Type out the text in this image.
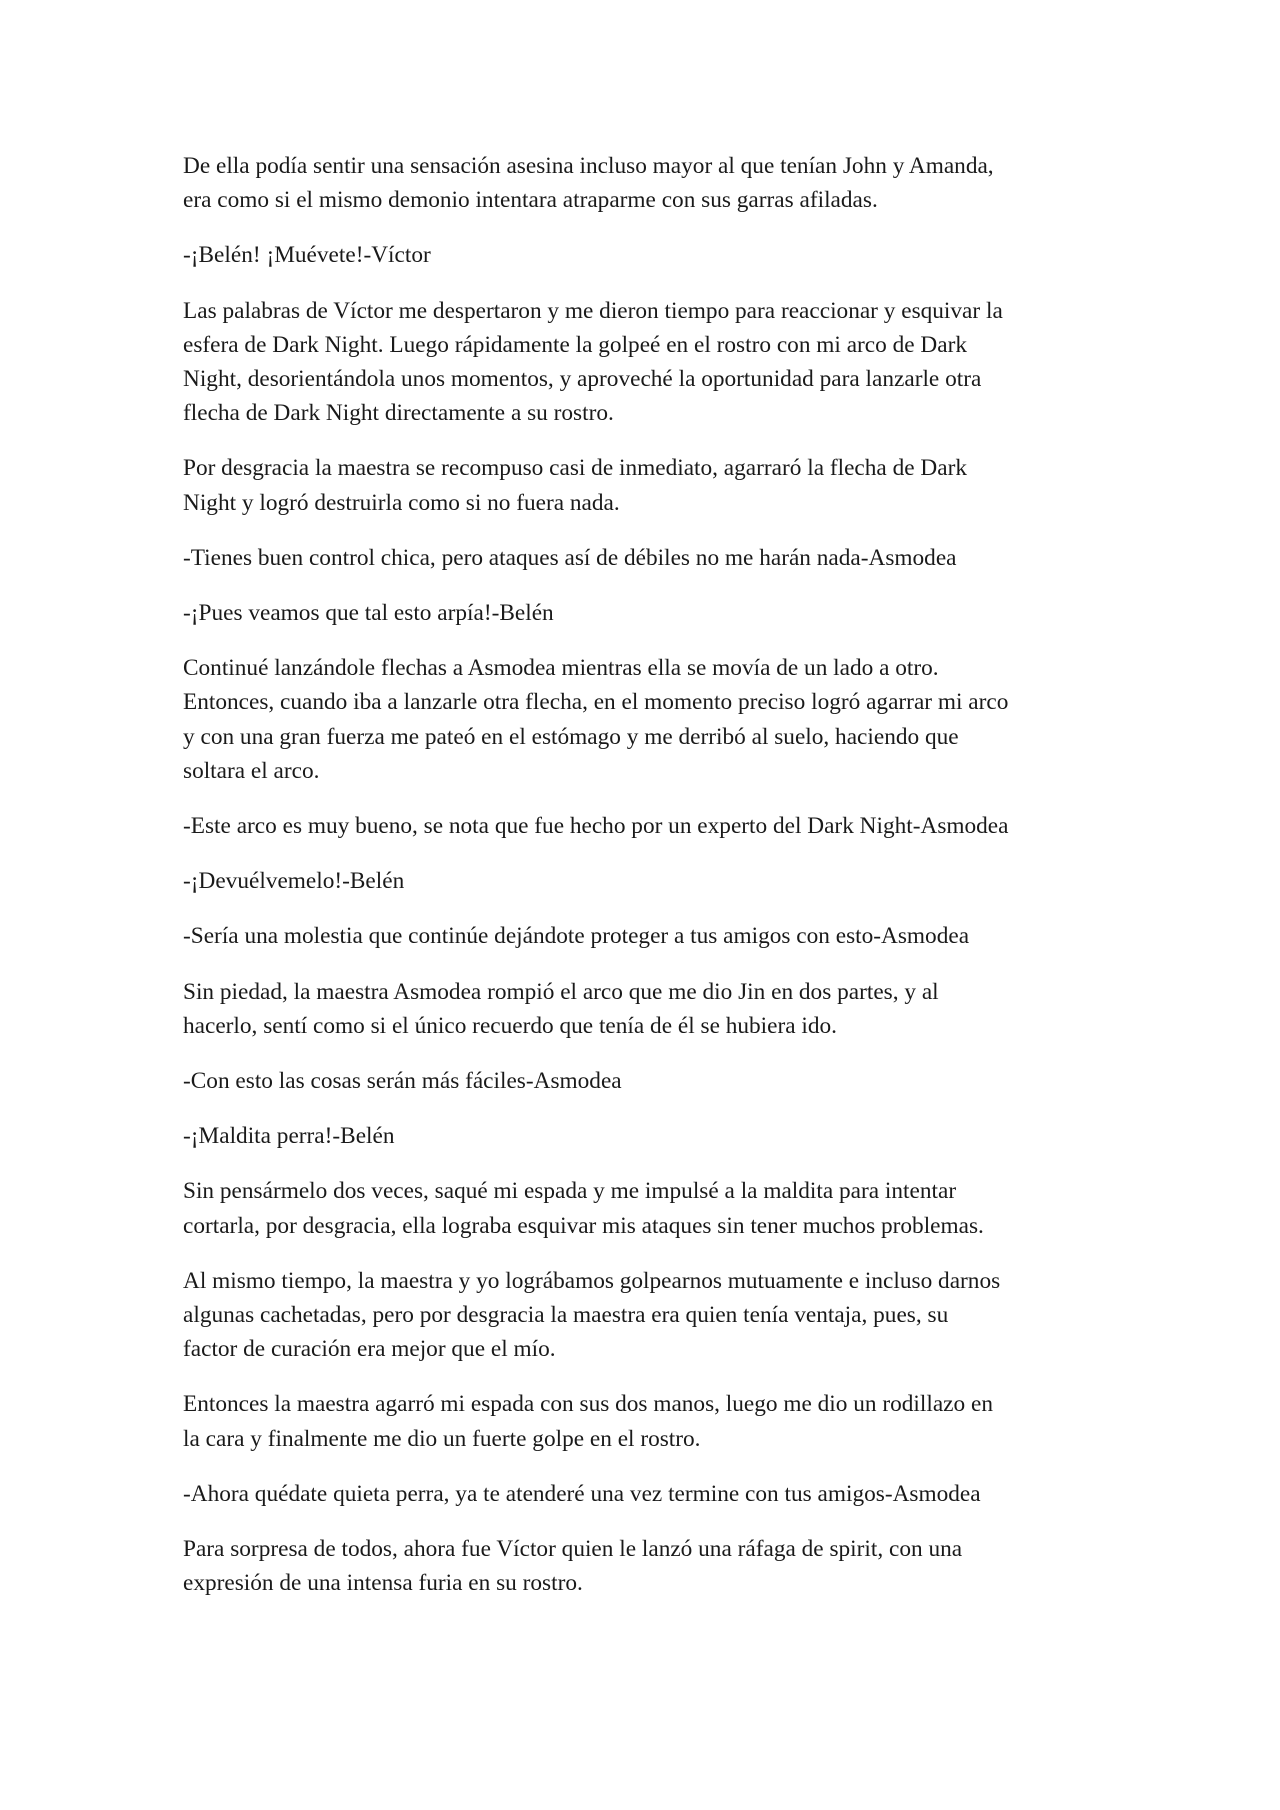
De ella podía sentir una sensación asesina incluso mayor al que tenían John y Amanda,
era como si el mismo demonio intentara atraparme con sus garras afiladas.

-¡Belén! ¡Muévete!-Víctor

Las palabras de Víctor me despertaron y me dieron tiempo para reaccionar y esquivar la
esfera de Dark Night. Luego rápidamente la golpeé en el rostro con mi arco de Dark
Night, desorientándola unos momentos, y aproveché la oportunidad para lanzarle otra
flecha de Dark Night directamente a su rostro.

Por desgracia la maestra se recompuso casi de inmediato, agarraró la flecha de Dark
Night y logró destruirla como si no fuera nada.

-Tienes buen control chica, pero ataques así de débiles no me harán nada-Asmodea

-¡Pues veamos que tal esto arpía!-Belén

Continué lanzándole flechas a Asmodea mientras ella se movía de un lado a otro.
Entonces, cuando iba a lanzarle otra flecha, en el momento preciso logró agarrar mi arco
y con una gran fuerza me pateó en el estómago y me derribó al suelo, haciendo que
soltara el arco.

-Este arco es muy bueno, se nota que fue hecho por un experto del Dark Night-Asmodea

-¡Devuélvemelo!-Belén

-Sería una molestia que continúe dejándote proteger a tus amigos con esto-Asmodea

Sin piedad, la maestra Asmodea rompió el arco que me dio Jin en dos partes, y al
hacerlo, sentí como si el único recuerdo que tenía de él se hubiera ido.

-Con esto las cosas serán más fáciles-Asmodea

-¡Maldita perra!-Belén

Sin pensármelo dos veces, saqué mi espada y me impulsé a la maldita para intentar
cortarla, por desgracia, ella lograba esquivar mis ataques sin tener muchos problemas.

Al mismo tiempo, la maestra y yo lográbamos golpearnos mutuamente e incluso darnos
algunas cachetadas, pero por desgracia la maestra era quien tenía ventaja, pues, su
factor de curación era mejor que el mío.

Entonces la maestra agarró mi espada con sus dos manos, luego me dio un rodillazo en
la cara y finalmente me dio un fuerte golpe en el rostro.

-Ahora quédate quieta perra, ya te atenderé una vez termine con tus amigos-Asmodea

Para sorpresa de todos, ahora fue Víctor quien le lanzó una ráfaga de spirit, con una
expresión de una intensa furia en su rostro.
